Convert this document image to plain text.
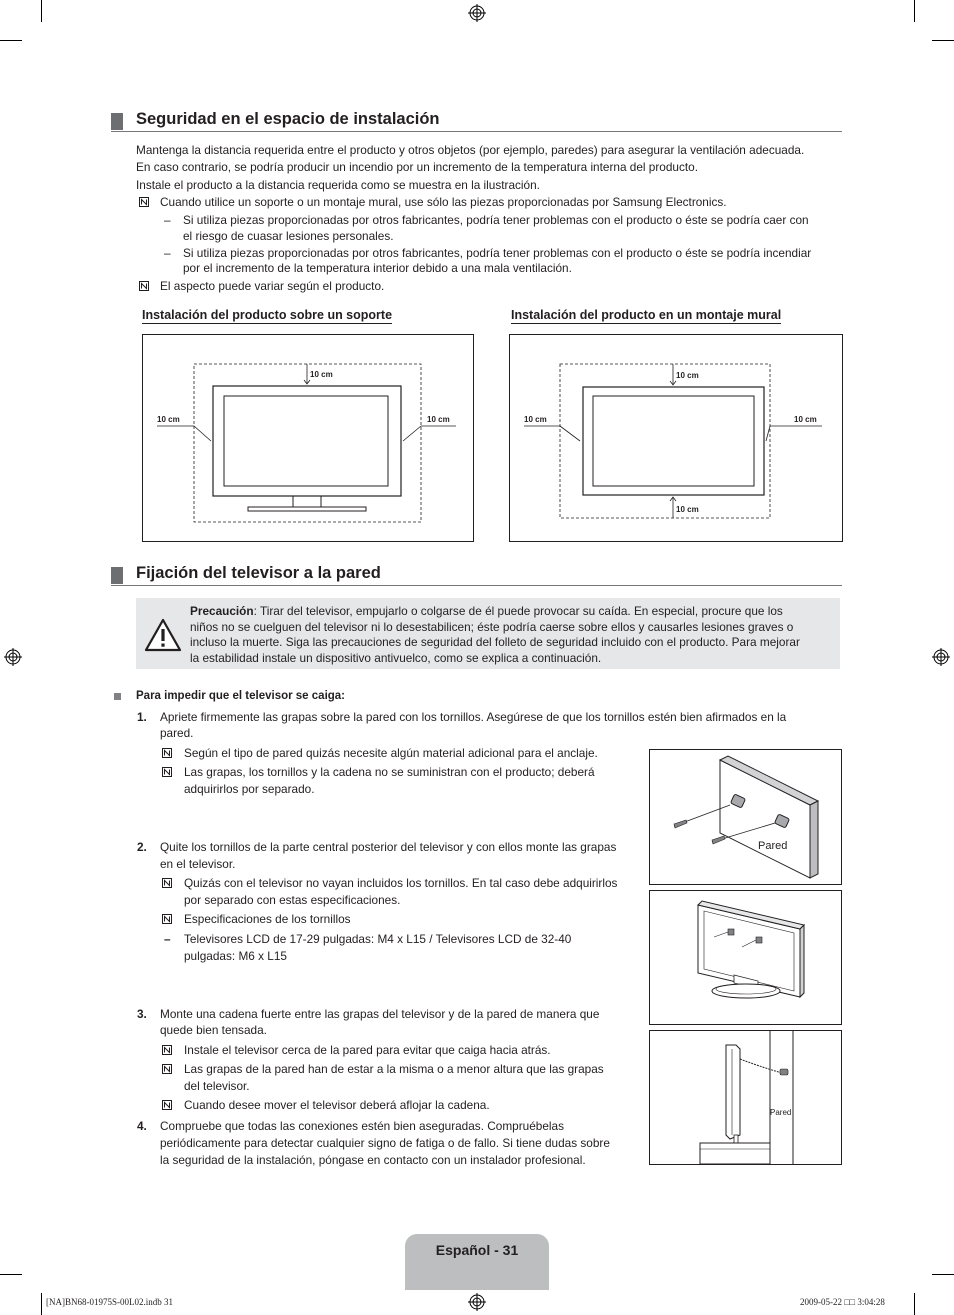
Seguridad en el espacio de instalación
Mantenga la distancia requerida entre el producto y otros objetos (por ejemplo, paredes) para asegurar la ventilación adecuada.
En caso contrario, se podría producir un incendio por un incremento de la temperatura interna del producto.
Instale el producto a la distancia requerida como se muestra en la ilustración.
Cuando utilice un soporte o un montaje mural, use sólo las piezas proporcionadas por Samsung Electronics.
– Si utiliza piezas proporcionadas por otros fabricantes, podría tener problemas con el producto o éste se podría caer con
el riesgo de cuasar lesiones personales.
– Si utiliza piezas proporcionadas por otros fabricantes, podría tener problemas con el producto o éste se podría incendiar
por el incremento de la temperatura interior debido a una mala ventilación.
El aspecto puede variar según el producto.
Instalación del producto sobre un soporte	Instalación del producto en un montaje mural
10 cm
10 cm	10 cm
10 cm
10 cm	10 cm
10 cm
Fijación del televisor a la pared
Precaución: Tirar del televisor, empujarlo o colgarse de él puede provocar su caída. En especial, procure que los
niños no se cuelguen del televisor ni lo desestabilicen; éste podría caerse sobre ellos y causarles lesiones graves o
incluso la muerte. Siga las precauciones de seguridad del folleto de seguridad incluido con el producto. Para mejorar
la estabilidad instale un dispositivo antivuelco, como se explica a continuación.
Para impedir que el televisor se caiga:
1. Apriete firmemente las grapas sobre la pared con los tornillos. Asegúrese de que los tornillos estén bien afirmados en la
pared.
Según el tipo de pared quizás necesite algún material adicional para el anclaje.
Las grapas, los tornillos y la cadena no se suministran con el producto; deberá
adquirirlos por separado.
2. Quite los tornillos de la parte central posterior del televisor y con ellos monte las grapas
en el televisor.
Quizás con el televisor no vayan incluidos los tornillos. En tal caso debe adquirirlos
por separado con estas especificaciones.
Especificaciones de los tornillos
– Televisores LCD de 17-29 pulgadas: M4 x L15 / Televisores LCD de 32-40
pulgadas: M6 x L15
3. Monte una cadena fuerte entre las grapas del televisor y de la pared de manera que
quede bien tensada.
Instale el televisor cerca de la pared para evitar que caiga hacia atrás.
Las grapas de la pared han de estar a la misma o a menor altura que las grapas
del televisor.
Cuando desee mover el televisor deberá aflojar la cadena.
4. Compruebe que todas las conexiones estén bien aseguradas. Compruébelas
periódicamente para detectar cualquier signo de fatiga o de fallo. Si tiene dudas sobre
la seguridad de la instalación, póngase en contacto con un instalador profesional.
Pared
Pared
Español - 31
[NA]BN68-01975S-00L02.indb 31	2009-05-22 □□ 3:04:28
